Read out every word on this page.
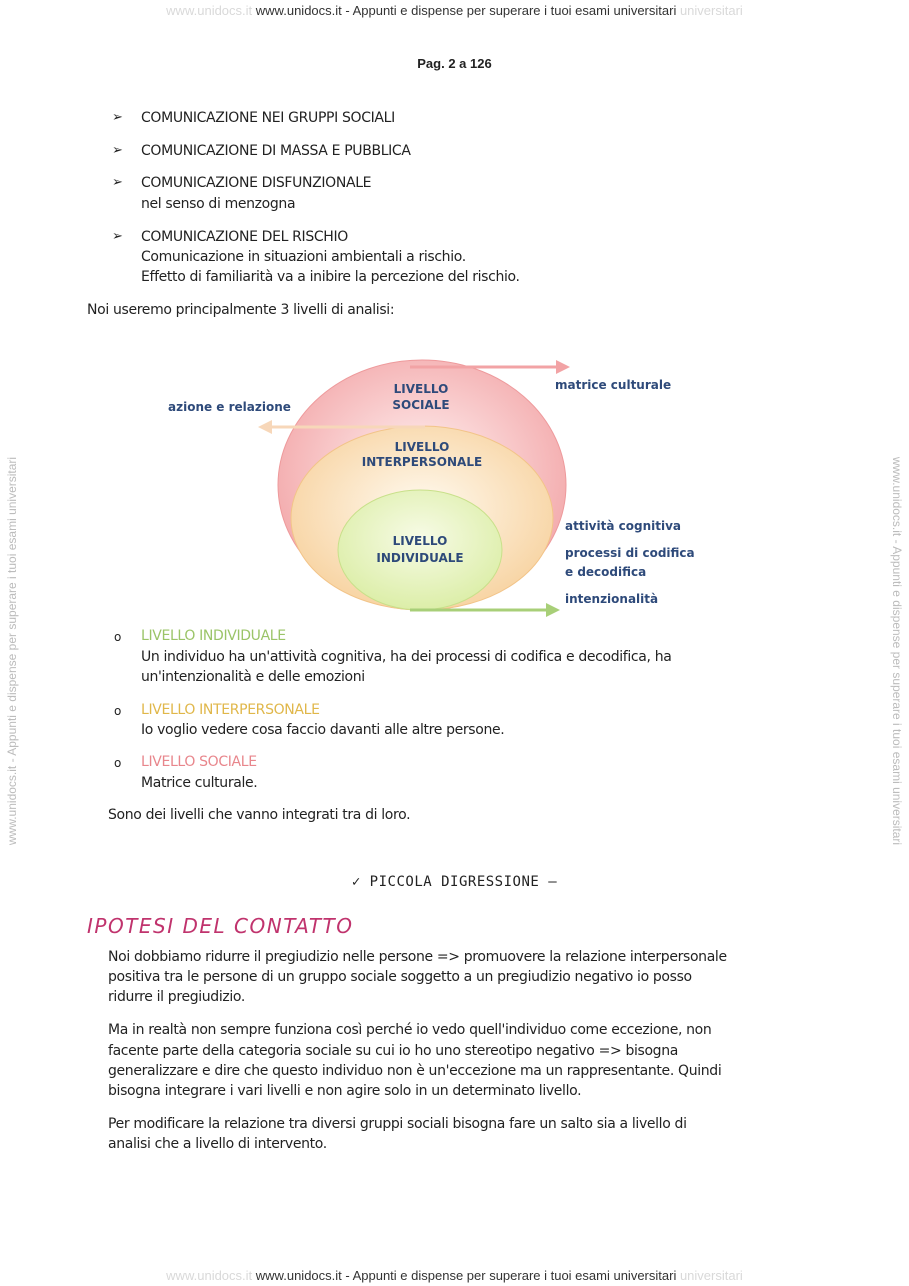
www.unidocs.it www.unidocs.it - Appunti e dispense per superare i tuoi esami universitari universitari
www.unidocs.it - Appunti e dispense per superare i tuoi esami universitari	www.unidocs.it - Appunti e dispense per superare i tuoi esami universitari
Pag. 2 a 126
➢	COMUNICAZIONE NEI GRUPPI SOCIALI
➢	COMUNICAZIONE DI MASSA E PUBBLICA
➢	COMUNICAZIONE DISFUNZIONALE
nel senso di menzogna
➢	COMUNICAZIONE DEL RISCHIO
Comunicazione in situazioni ambientali a rischio.
Effetto di familiarità va a inibire la percezione del rischio.
Noi useremo principalmente 3 livelli di analisi:
LIVELLO
SOCIALE
LIVELLO
INTERPERSONALE
LIVELLO
INDIVIDUALE
azione e relazione
matrice culturale
attività cognitiva
processi di codifica
e decodifica
intenzionalità
o LIVELLO INDIVIDUALE
Un individuo ha un'attività cognitiva, ha dei processi di codifica e decodifica, ha
un'intenzionalità e delle emozioni
o LIVELLO INTERPERSONALE
Io voglio vedere cosa faccio davanti alle altre persone.
o LIVELLO SOCIALE
Matrice culturale.
Sono dei livelli che vanno integrati tra di loro.
✓ PICCOLA DIGRESSIONE –
IPOTESI DEL CONTATTO
Noi dobbiamo ridurre il pregiudizio nelle persone => promuovere la relazione interpersonale
positiva tra le persone di un gruppo sociale soggetto a un pregiudizio negativo io posso
ridurre il pregiudizio.
Ma in realtà non sempre funziona così perché io vedo quell'individuo come eccezione, non
facente parte della categoria sociale su cui io ho uno stereotipo negativo => bisogna
generalizzare e dire che questo individuo non è un'eccezione ma un rappresentante. Quindi
bisogna integrare i vari livelli e non agire solo in un determinato livello.
Per modificare la relazione tra diversi gruppi sociali bisogna fare un salto sia a livello di
analisi che a livello di intervento.
www.unidocs.it www.unidocs.it - Appunti e dispense per superare i tuoi esami universitari universitari
